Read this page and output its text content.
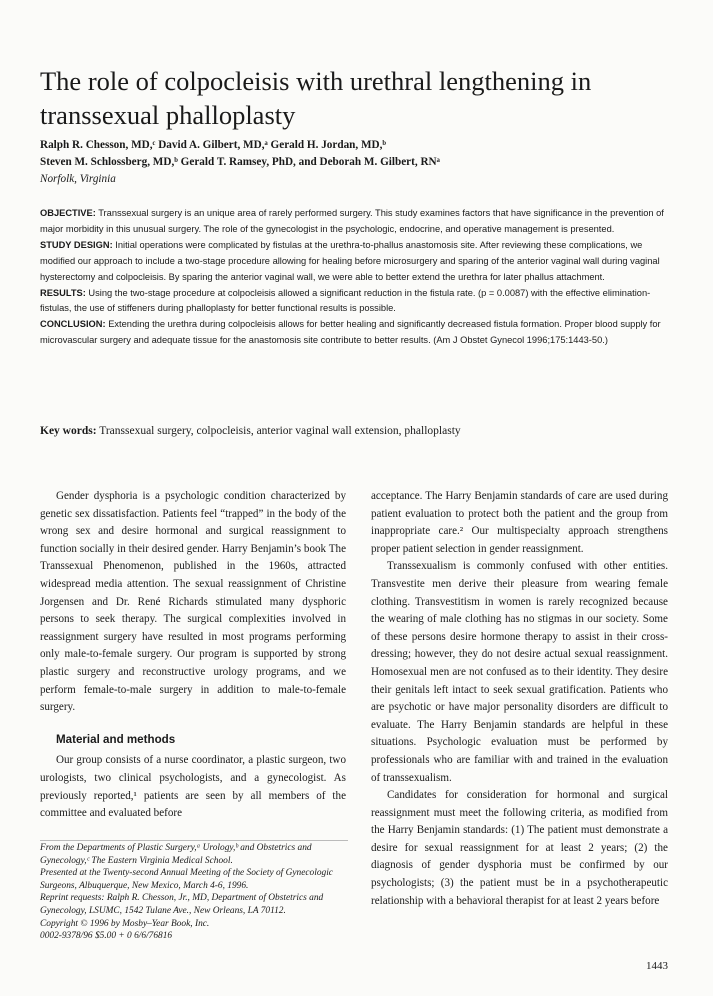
The role of colpocleisis with urethral lengthening in transsexual phalloplasty
Ralph R. Chesson, MD,ᶜ David A. Gilbert, MD,ᵃ Gerald H. Jordan, MD,ᵇ
Steven M. Schlossberg, MD,ᵇ Gerald T. Ramsey, PhD, and Deborah M. Gilbert, RNᵃ
Norfolk, Virginia

OBJECTIVE: Transsexual surgery is an unique area of rarely performed surgery. This study examines factors that have significance in the prevention of major morbidity in this unusual surgery. The role of the gynecologist in the psychologic, endocrine, and operative management is presented.

STUDY DESIGN: Initial operations were complicated by fistulas at the urethra-to-phallus anastomosis site. After reviewing these complications, we modified our approach to include a two-stage procedure allowing for healing before microsurgery and sparing of the anterior vaginal wall during vaginal hysterectomy and colpocleisis. By sparing the anterior vaginal wall, we were able to better extend the urethra for later phallus attachment.

RESULTS: Using the two-stage procedure at colpocleisis allowed a significant reduction in the fistula rate. (p = 0.0087) with the effective elimination-fistulas, the use of stiffeners during phalloplasty for better functional results is possible.

CONCLUSION: Extending the urethra during colpocleisis allows for better healing and significantly decreased fistula formation. Proper blood supply for microvascular surgery and adequate tissue for the anastomosis site contribute to better results. (Am J Obstet Gynecol 1996;175:1443-50.)

Key words: Transsexual surgery, colpocleisis, anterior vaginal wall extension, phalloplasty

Gender dysphoria is a psychologic condition characterized by genetic sex dissatisfaction. Patients feel “trapped” in the body of the wrong sex and desire hormonal and surgical reassignment to function socially in their desired gender. Harry Benjamin’s book The Transsexual Phenomenon, published in the 1960s, attracted widespread media attention. The sexual reassignment of Christine Jorgensen and Dr. René Richards stimulated many dysphoric persons to seek therapy. The surgical complexities involved in reassignment surgery have resulted in most programs performing only male-to-female surgery. Our program is supported by strong plastic surgery and reconstructive urology programs, and we perform female-to-male surgery in addition to male-to-female surgery.

Material and methods

Our group consists of a nurse coordinator, a plastic surgeon, two urologists, two clinical psychologists, and a gynecologist. As previously reported,¹ patients are seen by all members of the committee and evaluated before

acceptance. The Harry Benjamin standards of care are used during patient evaluation to protect both the patient and the group from inappropriate care.² Our multispecialty approach strengthens proper patient selection in gender reassignment.

Transsexualism is commonly confused with other entities. Transvestite men derive their pleasure from wearing female clothing. Transvestitism in women is rarely recognized because the wearing of male clothing has no stigmas in our society. Some of these persons desire hormone therapy to assist in their cross-dressing; however, they do not desire actual sexual reassignment. Homosexual men are not confused as to their identity. They desire their genitals left intact to seek sexual gratification. Patients who are psychotic or have major personality disorders are difficult to evaluate. The Harry Benjamin standards are helpful in these situations. Psychologic evaluation must be performed by professionals who are familiar with and trained in the evaluation of transsexualism.

Candidates for consideration for hormonal and surgical reassignment must meet the following criteria, as modified from the Harry Benjamin standards: (1) The patient must demonstrate a desire for sexual reassignment for at least 2 years; (2) the diagnosis of gender dysphoria must be confirmed by our psychologists; (3) the patient must be in a psychotherapeutic relationship with a behavioral therapist for at least 2 years before

From the Departments of Plastic Surgery,ᵃ Urology,ᵇ and Obstetrics and Gynecology,ᶜ The Eastern Virginia Medical School.
Presented at the Twenty-second Annual Meeting of the Society of Gynecologic Surgeons, Albuquerque, New Mexico, March 4-6, 1996.
Reprint requests: Ralph R. Chesson, Jr., MD, Department of Obstetrics and Gynecology, LSUMC, 1542 Tulane Ave., New Orleans, LA 70112.
Copyright © 1996 by Mosby–Year Book, Inc.
0002-9378/96 $5.00 + 0 6/6/76816
1443
